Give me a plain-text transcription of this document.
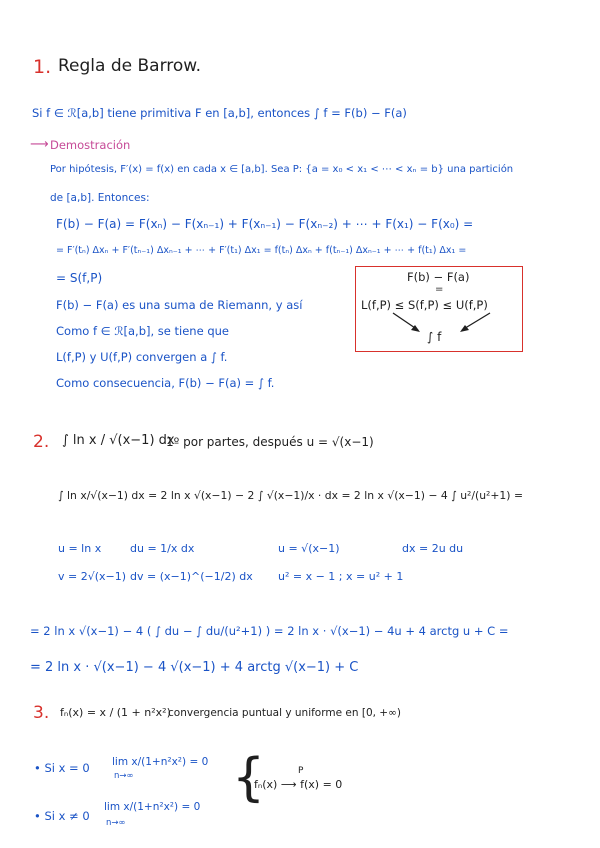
1. Regla de Barrow.
Si f ∈ ℛ[a,b] tiene primitiva F en [a,b], entonces ∫ f = F(b) − F(a)
⟶ Demostración
Por hipótesis, F′(x) = f(x) en cada x ∈ [a,b]. Sea P: {a = x₀ < x₁ < ⋯ < xₙ = b} una partición
de [a,b]. Entonces:
F(b) − F(a) = F(xₙ) − F(xₙ₋₁) + F(xₙ₋₁) − F(xₙ₋₂) + ⋯ + F(x₁) − F(x₀) =
= F′(tₙ) Δxₙ + F′(tₙ₋₁) Δxₙ₋₁ + ⋯ + F′(t₁) Δx₁ = f(tₙ) Δxₙ + f(tₙ₋₁) Δxₙ₋₁ + ⋯ + f(t₁) Δx₁ =
= S(f,P)
F(b) − F(a) es una suma de Riemann, y así
Como f ∈ ℛ[a,b], se tiene que
L(f,P) y U(f,P) convergen a ∫ f.
Como consecuencia, F(b) − F(a) = ∫ f.
F(b) − F(a)
=
L(f,P) ≤ S(f,P) ≤ U(f,P)
∫ f
2. ∫ ln x / √(x−1) dx
1º por partes, después u = √(x−1)
∫ ln x/√(x−1) dx = 2 ln x √(x−1) − 2 ∫ √(x−1)/x · dx = 2 ln x √(x−1) − 4 ∫ u²/(u²+1) =
u = ln x	du = 1/x dx	u = √(x−1)	dx = 2u du
v = 2√(x−1) dv = (x−1)^(−1/2) dx u² = x − 1 ; x = u² + 1
= 2 ln x √(x−1) − 4 ( ∫ du − ∫ du/(u²+1) ) = 2 ln x · √(x−1) − 4u + 4 arctg u + C =
= 2 ln x · √(x−1) − 4 √(x−1) + 4 arctg √(x−1) + C
3. fₙ(x) = x / (1 + n²x²)
convergencia puntual y uniforme en [0, +∞)
• Si x = 0 lim x/(1+n²x²) = 0
n→∞
• Si x ≠ 0
lim x/(1+n²x²) = 0
n→∞
{
fₙ(x) ⟶ f(x) = 0
P
